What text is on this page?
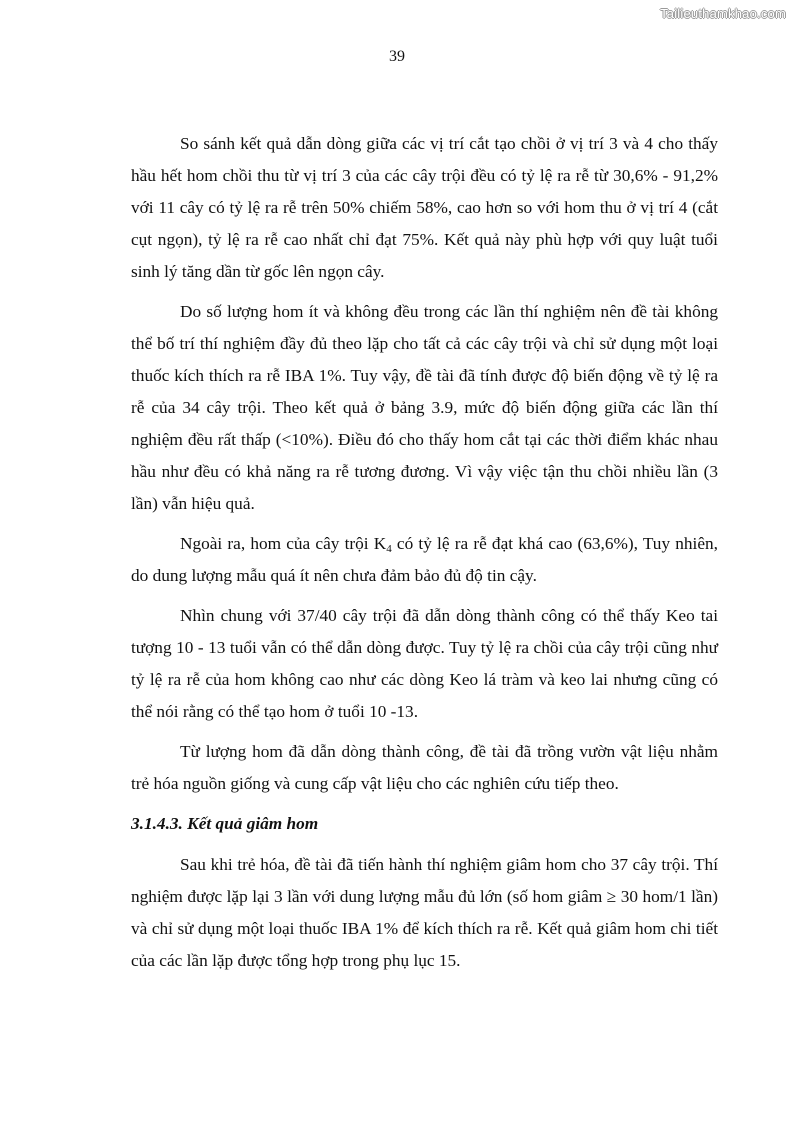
Tailieuthamkhao.com
39

So sánh kết quả dẫn dòng giữa các vị trí cắt tạo chồi ở vị trí 3 và 4 cho thấy hầu hết hom chồi thu từ vị trí 3 của các cây trội đều có tỷ lệ ra rễ từ 30,6% - 91,2% với 11 cây có tỷ lệ ra rễ trên 50% chiếm 58%, cao hơn so với hom thu ở vị trí 4 (cắt cụt ngọn), tỷ lệ ra rễ cao nhất chỉ đạt 75%. Kết quả này phù hợp với quy luật tuổi sinh lý tăng dần từ gốc lên ngọn cây.

Do số lượng hom ít và không đều trong các lần thí nghiệm nên đề tài không thể bố trí thí nghiệm đầy đủ theo lặp cho tất cả các cây trội và chỉ sử dụng một loại thuốc kích thích ra rễ IBA 1%. Tuy vậy, đề tài đã tính được độ biến động về tỷ lệ ra rễ của 34 cây trội. Theo kết quả ở bảng 3.9, mức độ biến động giữa các lần thí nghiệm đều rất thấp (<10%). Điều đó cho thấy hom cắt tại các thời điểm khác nhau hầu như đều có khả năng ra rễ tương đương. Vì vậy việc tận thu chồi nhiều lần (3 lần) vẫn hiệu quả.

Ngoài ra, hom của cây trội $K_4$ có tỷ lệ ra rễ đạt khá cao (63,6%), Tuy nhiên, do dung lượng mẫu quá ít nên chưa đảm bảo đủ độ tin cậy.

Nhìn chung với 37/40 cây trội đã dẫn dòng thành công có thể thấy Keo tai tượng 10 - 13 tuổi vẫn có thể dẫn dòng được. Tuy tỷ lệ ra chồi của cây trội cũng như tỷ lệ ra rễ của hom không cao như các dòng Keo lá tràm và keo lai nhưng cũng có thể nói rằng có thể tạo hom ở tuổi 10 -13.

Từ lượng hom đã dẫn dòng thành công, đề tài đã trồng vườn vật liệu nhằm trẻ hóa nguồn giống và cung cấp vật liệu cho các nghiên cứu tiếp theo.

3.1.4.3. Kết quả giâm hom

Sau khi trẻ hóa, đề tài đã tiến hành thí nghiệm giâm hom cho 37 cây trội. Thí nghiệm được lặp lại 3 lần với dung lượng mẫu đủ lớn (số hom giâm ≥ 30 hom/1 lần) và chỉ sử dụng một loại thuốc IBA 1% để kích thích ra rễ. Kết quả giâm hom chi tiết của các lần lặp được tổng hợp trong phụ lục 15.
